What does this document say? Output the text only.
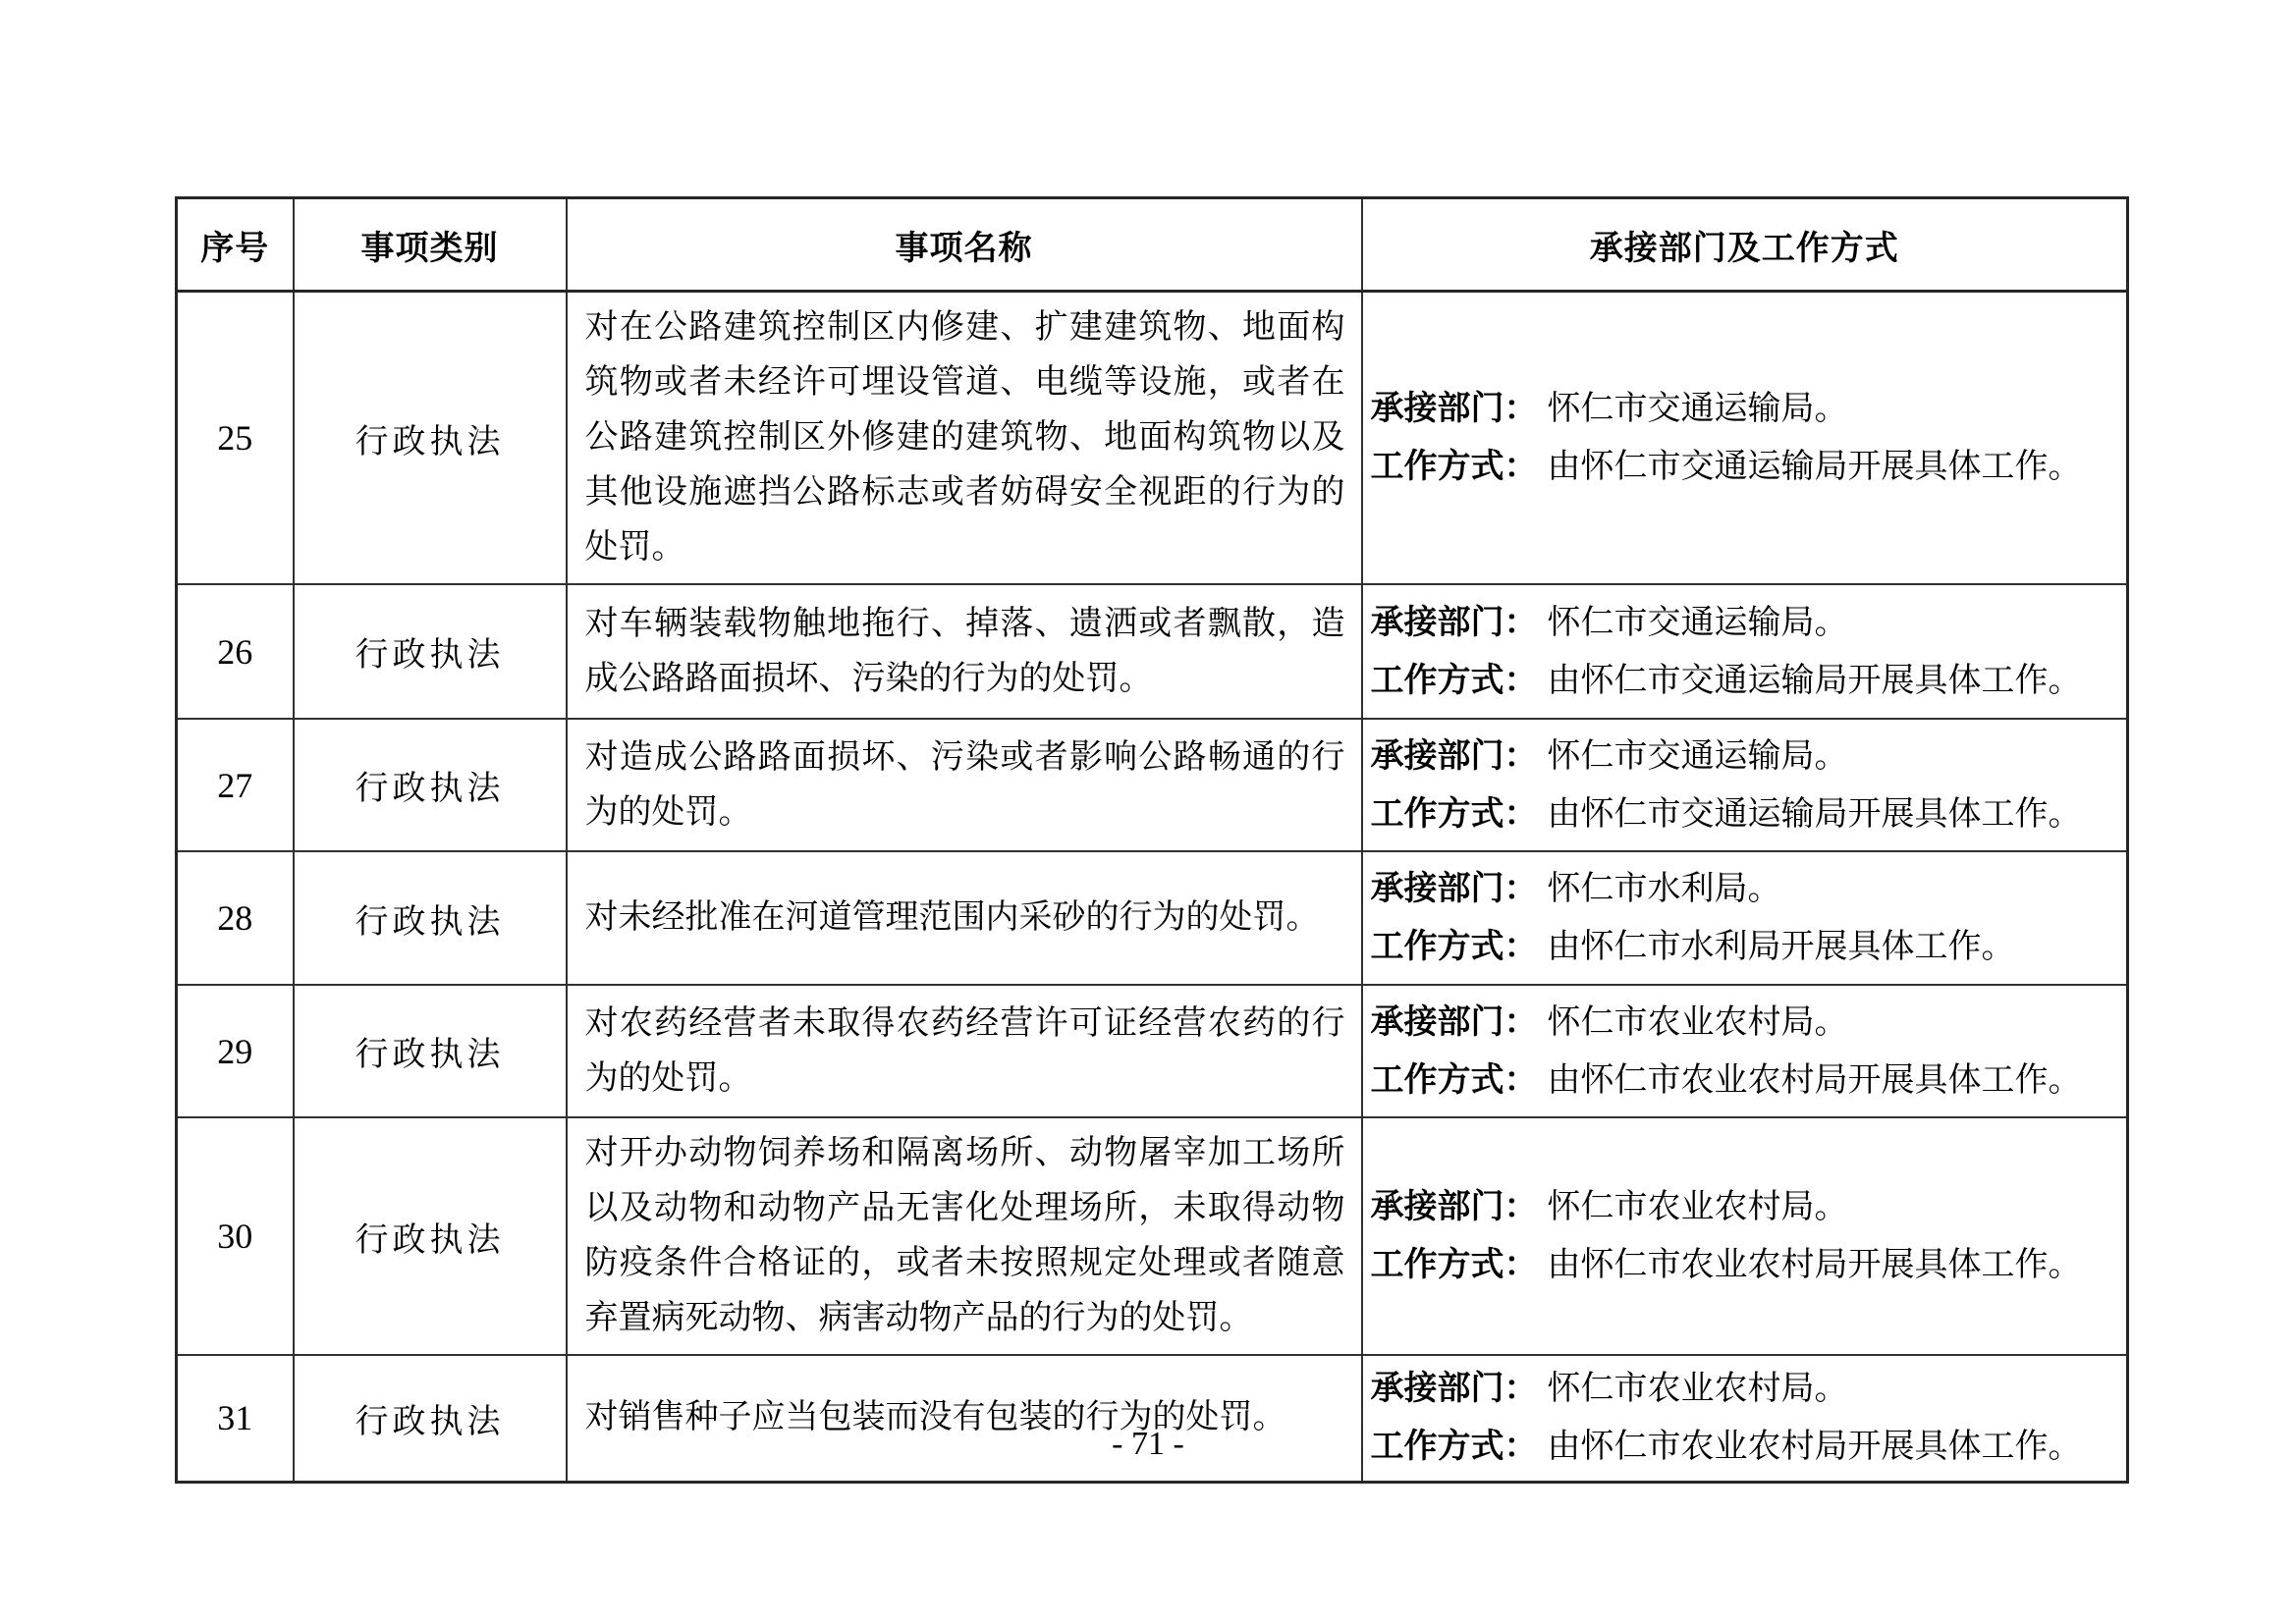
序号	事项类别	事项名称	承接部门及工作方式
25	行政执法	对在公路建筑控制区内修建、扩建建筑物、地面构筑物或者未经许可埋设管道、电缆等设施，或者在公路建筑控制区外修建的建筑物、地面构筑物以及其他设施遮挡公路标志或者妨碍安全视距的行为的处罚。	承接部门： 怀仁市交通运输局。
工作方式： 由怀仁市交通运输局开展具体工作。

26	行政执法	对车辆装载物触地拖行、掉落、遗洒或者飘散，造成公路路面损坏、污染的行为的处罚。	承接部门： 怀仁市交通运输局。
工作方式： 由怀仁市交通运输局开展具体工作。

27	行政执法	对造成公路路面损坏、污染或者影响公路畅通的行为的处罚。	承接部门： 怀仁市交通运输局。
工作方式： 由怀仁市交通运输局开展具体工作。

28	行政执法	对未经批准在河道管理范围内采砂的行为的处罚。	承接部门： 怀仁市水利局。
工作方式： 由怀仁市水利局开展具体工作。

29	行政执法	对农药经营者未取得农药经营许可证经营农药的行为的处罚。	承接部门： 怀仁市农业农村局。
工作方式： 由怀仁市农业农村局开展具体工作。

30	行政执法	对开办动物饲养场和隔离场所、动物屠宰加工场所以及动物和动物产品无害化处理场所，未取得动物防疫条件合格证的，或者未按照规定处理或者随意弃置病死动物、病害动物产品的行为的处罚。	承接部门： 怀仁市农业农村局。
工作方式： 由怀仁市农业农村局开展具体工作。

31	行政执法	对销售种子应当包装而没有包装的行为的处罚。	承接部门： 怀仁市农业农村局。
工作方式： 由怀仁市农业农村局开展具体工作。
- 71 -
